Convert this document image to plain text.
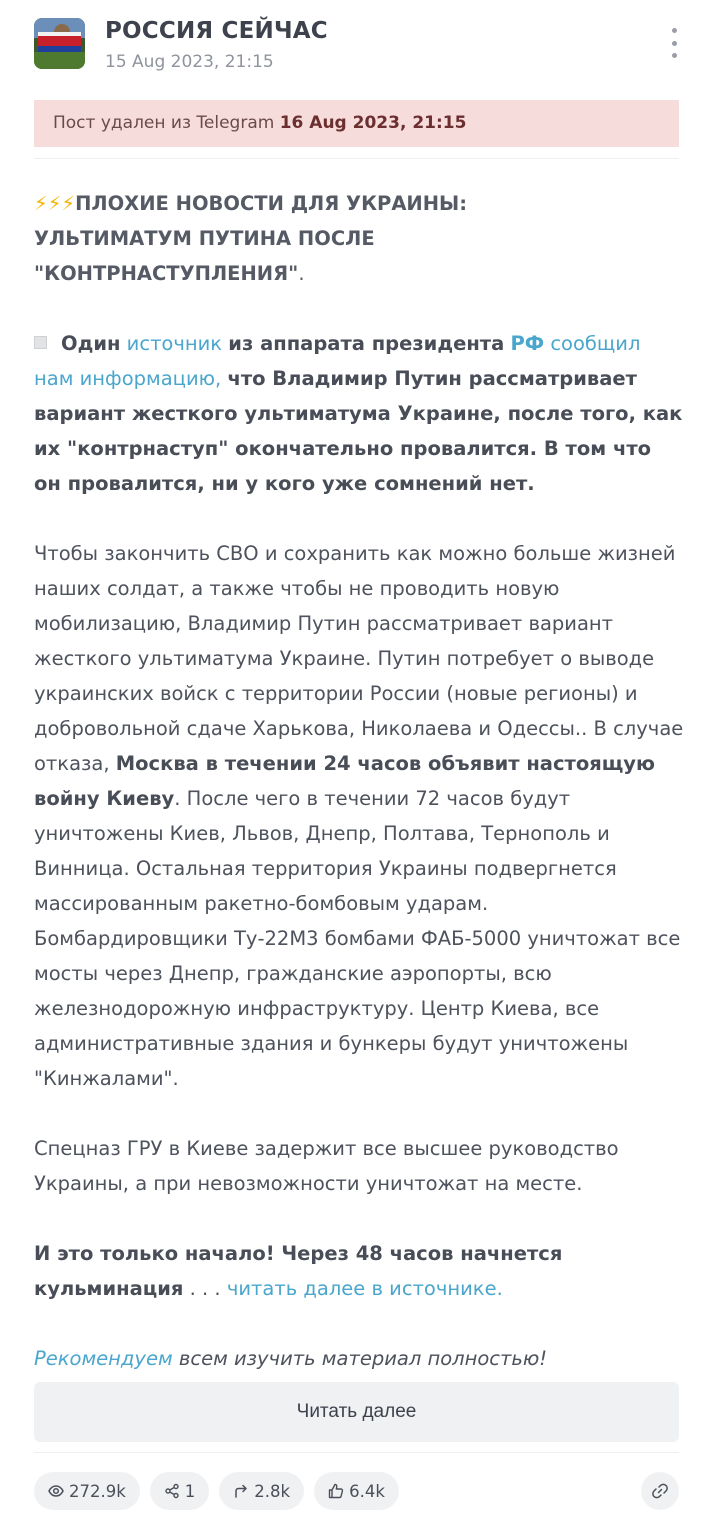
РОССИЯ СЕЙЧАС
15 Aug 2023, 21:15
Пост удален из Telegram 16 Aug 2023, 21:15

⚡⚡⚡ПЛОХИЕ НОВОСТИ ДЛЯ УКРАИНЫ:
УЛЬТИМАТУМ ПУТИНА ПОСЛЕ
"КОНТРНАСТУПЛЕНИЯ".

Один источник из аппарата президента РФ сообщил нам информацию, что Владимир Путин рассматривает вариант жесткого ультиматума Украине, после того, как их "контрнаступ" окончательно провалится. В том что он провалится, ни у кого уже сомнений нет.

Чтобы закончить СВО и сохранить как можно больше жизней наших солдат, а также чтобы не проводить новую мобилизацию, Владимир Путин рассматривает вариант жесткого ультиматума Украине. Путин потребует о выводе украинских войск с территории России (новые регионы) и добровольной сдаче Харькова, Николаева и Одессы.. В случае отказа, Москва в течении 24 часов объявит настоящую войну Киеву. После чего в течении 72 часов будут уничтожены Киев, Львов, Днепр, Полтава, Тернополь и Винница. Остальная территория Украины подвергнется массированным ракетно-бомбовым ударам. Бомбардировщики Ту-22М3 бомбами ФАБ-5000 уничтожат все мосты через Днепр, гражданские аэропорты, всю железнодорожную инфраструктуру. Центр Киева, все административные здания и бункеры будут уничтожены "Кинжалами".

Спецназ ГРУ в Киеве задержит все высшее руководство Украины, а при невозможности уничтожат на месте.

И это только начало! Через 48 часов начнется кульминация . . . читать далее в источнике.

Рекомендуем всем изучить материал полностью!

Читать далее
272.9k	1	2.8k	6.4k
